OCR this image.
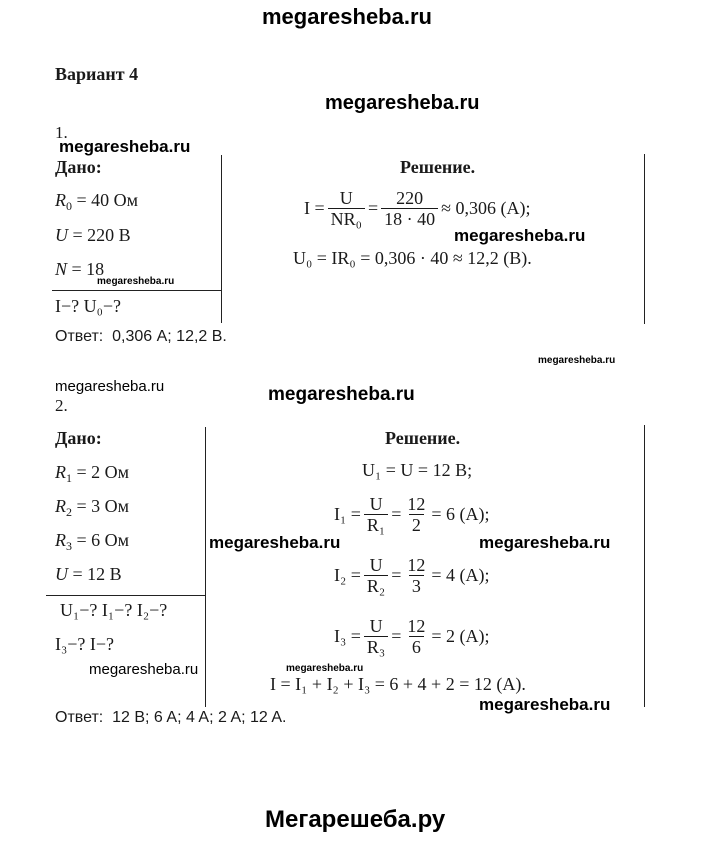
megaresheba.ru
megaresheba.ru
megaresheba.ru
megaresheba.ru
megaresheba.ru
megaresheba.ru
megaresheba.ru	megaresheba.ru
megaresheba.ru	megaresheba.ru
megaresheba.ru
megaresheba.ru
megaresheba.ru
Мегарешеба.ру
Вариант 4
1.
Дано:	Решение.
$R_0 = 40$ Ом
U = 220 В
N = 18
I−? U₀−?
$I = \frac{U}{\text{NR₀}} = \frac{220}{18 \cdot 40} \approx 0,306$ (A);
U₀ = IR₀ = 0,306 · 40 ≈ 12,2 (B).
Ответ: 0,306 A; 12,2 B.
2.
Дано:	Решение.
$R_1 = 2$ Ом
$R_2 = 3$ Ом
$R_3 = 6$ Ом
U = 12 В
U₁−? I₁−? I₂−?
I₃−? I−?
U₁ = U = 12 B;
$I_1 = \frac{U}{\text{R₁}} = \frac{12}{2} = 6$ (A);
$I_2 = \frac{U}{\text{R₂}} = \frac{12}{3} = 4$ (A);
$I_3 = \frac{U}{\text{R₃}} = \frac{12}{6} = 2$ (A);
I = I₁ + I₂ + I₃ = 6 + 4 + 2 = 12 (A).
Ответ: 12 B; 6 A; 4 A; 2 A; 12 A.
